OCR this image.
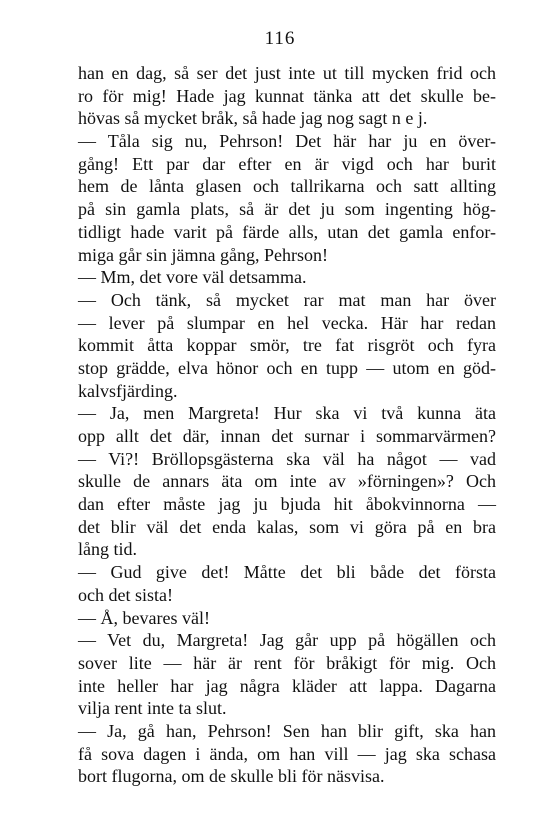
116
han en dag, så ser det just inte ut till mycken frid och
ro för mig! Hade jag kunnat tänka att det skulle be-
hövas så mycket bråk, så hade jag nog sagt n e j.
— Tåla sig nu, Pehrson! Det här har ju en över-
gång! Ett par dar efter en är vigd och har burit
hem de lånta glasen och tallrikarna och satt allting
på sin gamla plats, så är det ju som ingenting hög-
tidligt hade varit på färde alls, utan det gamla enfor-
miga går sin jämna gång, Pehrson!
— Mm, det vore väl detsamma.
— Och tänk, så mycket rar mat man har över
— lever på slumpar en hel vecka. Här har redan
kommit åtta koppar smör, tre fat risgröt och fyra
stop grädde, elva hönor och en tupp — utom en göd-
kalvsfjärding.
— Ja, men Margreta! Hur ska vi två kunna äta
opp allt det där, innan det surnar i sommarvärmen?
— Vi?! Bröllopsgästerna ska väl ha något — vad
skulle de annars äta om inte av »förningen»? Och
dan efter måste jag ju bjuda hit åbokvinnorna —
det blir väl det enda kalas, som vi göra på en bra
lång tid.
— Gud give det! Måtte det bli både det första
och det sista!
— Å, bevares väl!
— Vet du, Margreta! Jag går upp på högällen och
sover lite — här är rent för bråkigt för mig. Och
inte heller har jag några kläder att lappa. Dagarna
vilja rent inte ta slut.
— Ja, gå han, Pehrson! Sen han blir gift, ska han
få sova dagen i ända, om han vill — jag ska schasa
bort flugorna, om de skulle bli för näsvisa.
